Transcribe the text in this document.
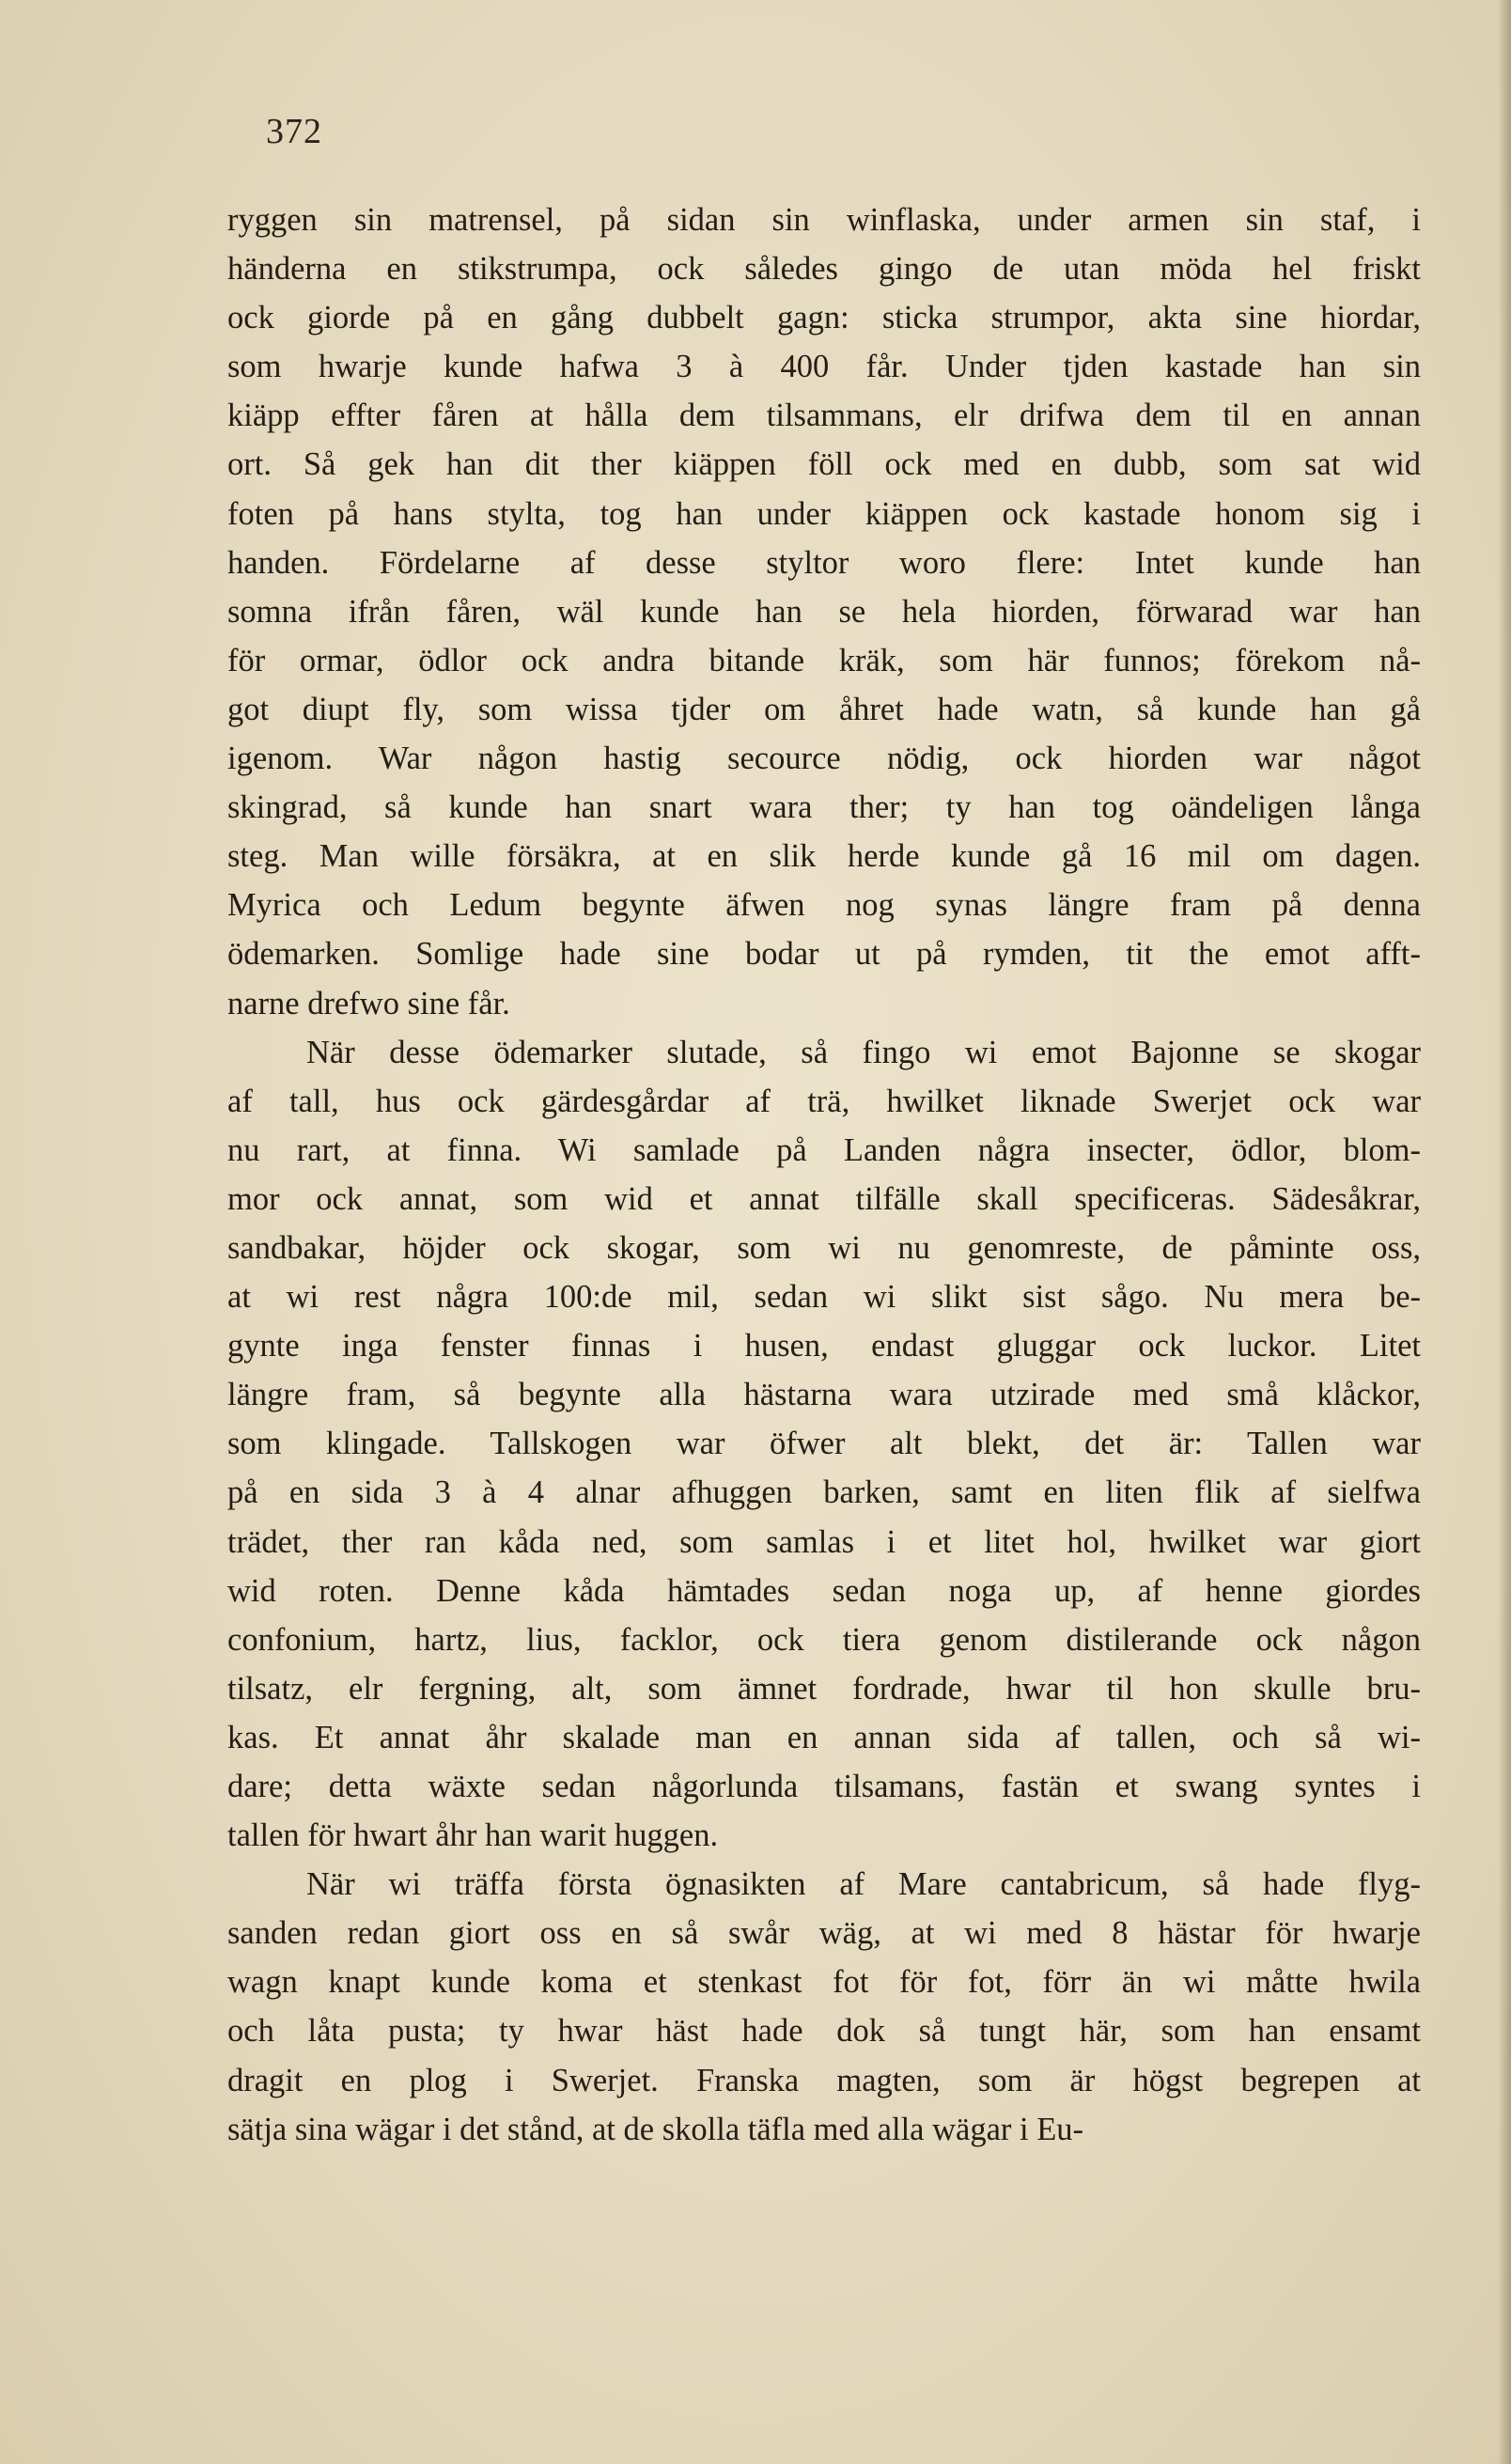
372

ryggen sin matrensel, på sidan sin winflaska, under armen sin staf, i
händerna en stikstrumpa, ock således gingo de utan möda hel friskt
ock giorde på en gång dubbelt gagn: sticka strumpor, akta sine hiordar,
som hwarje kunde hafwa 3 à 400 får. Under tjden kastade han sin
kiäpp effter fåren at hålla dem tilsammans, elr drifwa dem til en annan
ort. Så gek han dit ther kiäppen föll ock med en dubb, som sat wid
foten på hans stylta, tog han under kiäppen ock kastade honom sig i
handen. Fördelarne af desse styltor woro flere: Intet kunde han
somna ifrån fåren, wäl kunde han se hela hiorden, förwarad war han
för ormar, ödlor ock andra bitande kräk, som här funnos; förekom nå-
got diupt fly, som wissa tjder om åhret hade watn, så kunde han gå
igenom. War någon hastig secource nödig, ock hiorden war något
skingrad, så kunde han snart wara ther; ty han tog oändeligen långa
steg. Man wille försäkra, at en slik herde kunde gå 16 mil om dagen.
Myrica och Ledum begynte äfwen nog synas längre fram på denna
ödemarken. Somlige hade sine bodar ut på rymden, tit the emot afft-
narne drefwo sine får.

När desse ödemarker slutade, så fingo wi emot Bajonne se skogar
af tall, hus ock gärdesgårdar af trä, hwilket liknade Swerjet ock war
nu rart, at finna. Wi samlade på Landen några insecter, ödlor, blom-
mor ock annat, som wid et annat tilfälle skall specificeras. Sädesåkrar,
sandbakar, höjder ock skogar, som wi nu genomreste, de påminte oss,
at wi rest några 100:de mil, sedan wi slikt sist sågo. Nu mera be-
gynte inga fenster finnas i husen, endast gluggar ock luckor. Litet
längre fram, så begynte alla hästarna wara utzirade med små klåckor,
som klingade. Tallskogen war öfwer alt blekt, det är: Tallen war
på en sida 3 à 4 alnar afhuggen barken, samt en liten flik af sielfwa
trädet, ther ran kåda ned, som samlas i et litet hol, hwilket war giort
wid roten. Denne kåda hämtades sedan noga up, af henne giordes
confonium, hartz, lius, facklor, ock tiera genom distilerande ock någon
tilsatz, elr fergning, alt, som ämnet fordrade, hwar til hon skulle bru-
kas. Et annat åhr skalade man en annan sida af tallen, och så wi-
dare; detta wäxte sedan någorlunda tilsamans, fastän et swang syntes i
tallen för hwart åhr han warit huggen.

När wi träffa första ögnasikten af Mare cantabricum, så hade flyg-
sanden redan giort oss en så swår wäg, at wi med 8 hästar för hwarje
wagn knapt kunde koma et stenkast fot för fot, förr än wi måtte hwila
och låta pusta; ty hwar häst hade dok så tungt här, som han ensamt
dragit en plog i Swerjet. Franska magten, som är högst begrepen at
sätja sina wägar i det stånd, at de skolla täfla med alla wägar i Eu-
